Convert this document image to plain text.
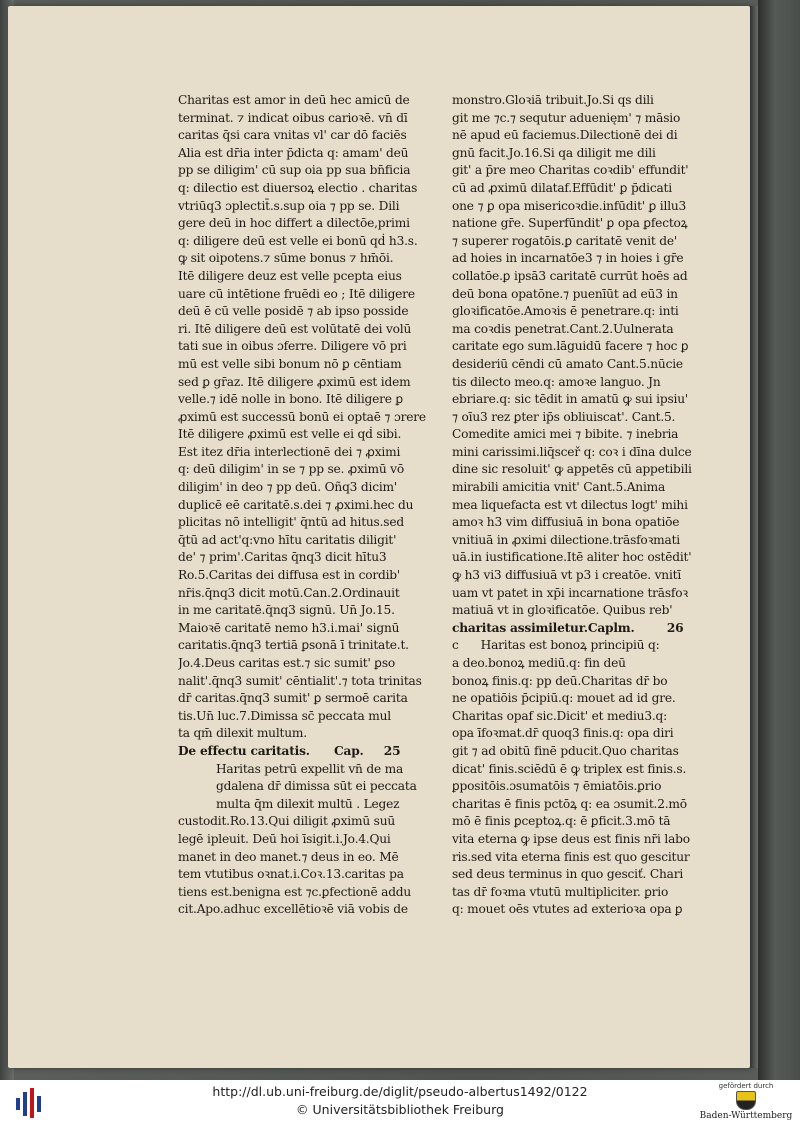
Charitas est amor in deū hec amicū de
terminat. ⁊ indicat oibus carioꝛē. vn̄ dī
caritas q̄si cara vnitas vl' car dō faciēs
Alia est dr̄ia inter p̄dicta q: amam' deū
pp se diligim' cū sup oia pp sua bn̄ficia
q: dilectio est diuersoꝝ electio . charitas
vtriūq3 ɔplectit̄.s.sup oia ⁊ pp se. Dili
gere deū in hoc differt a dilectōe,primi
q: diligere deū est velle ei bonū qḋ h3.s.
ꝙ sit oipotens.⁊ sūme bonus ⁊ hm̄ōi.
Itē diligere deuz est velle pcepta eius
uare cū intētione fruēdi eo ; Itē diligere
deū ē cū velle posidē ⁊ ab ipso posside
ri. Itē diligere deū est volūtatē dei volū
tati sue in oibus ɔferre. Diligere vō pri
mū est velle sibi bonum nō ꝑ cēntiam
sed ꝑ gr̄az. Itē diligere ꝓximū est idem
velle.⁊ idē nolle in bono. Itē diligere ꝑ
ꝓximū est successū bonū ei optaē ⁊ ɔrere
Itē diligere ꝓximū est velle ei qḋ sibi.
Est itez dr̄ia interlectionē dei ⁊ ꝓximi
q: deū diligim' in se ⁊ pp se. ꝓximū vō
diligim' in deo ⁊ pp deū. Oñq3 dicim'
duplicē eē caritatē.s.dei ⁊ ꝓximi.hec du
plicitas nō intelligit' q̄ntū ad hitus.sed
q̄tū ad act'q:vno hītu caritatis diligit'
de' ⁊ prim'.Caritas q̄nq3 dicit hītu3
Ro.5.Caritas dei diffusa est in cordib'
nr̄is.q̄nq3 dicit motū.Can.2.Ordinauit
in me caritatē.q̄nq3 signū. Un̄ Jo.15.
Maioꝛē caritatē nemo h3.i.mai' signū
caritatis.q̄nq3 tertiā ꝑsonā ī trinitate.t.
Jo.4.Deus caritas est.⁊ sic sumit' ꝑso
nalit'.q̄nq3 sumit' cēntialit'.⁊ tota trinitas
dr̄ caritas.q̄nq3 sumit' ꝑ sermoē carita
tis.Un̄ luc.7.Dimissa sc̄ peccata mul
ta qm̄ dilexit multum.
De effectu caritatis.      Cap.     25
Haritas petrū expellit vn̄ de ma
gdalena dr̄ dimissa sūt ei peccata
multa q̄m dilexit multū . Legez
custodit.Ro.13.Qui diligit ꝓximū suū
legē ipleuit. Deū hoi īsigit.i.Jo.4.Qui
manet in deo manet.⁊ deus in eo. Mē
tem vtutibus oꝛnat.i.Coꝛ.13.caritas pa
tiens est.benigna est ⁊c.ꝑfectionē addu
cit.Apo.adhuc excellētioꝛē viā vobis de
monstro.Gloꝛiā tribuit.Jo.Si qs dili
git me ⁊c.⁊ sequtur aduenięm' ⁊ māsio
nē apud eū faciemus.Dilectionē dei di
gnū facit.Jo.16.Si qa diligit me dili
git' a p̄re meo Charitas coꝛdib' effundit'
cū ad ꝓximū dilataf.Effūdit' ꝑ p̄dicati
one ⁊ ꝑ opa misericoꝛdie.infūdit' ꝑ illu3
natione gr̄e. Superfūndit' ꝑ opa ꝑfectoꝝ
⁊ superer rogatōis.ꝑ caritatē venit de'
ad hoies in incarnatōe3 ⁊ in hoies i gr̄e
collatōe.ꝑ ipsā3 caritatē currūt hoēs ad
deū bona opatōne.⁊ puenīūt ad eū3 in
gloꝛificatōe.Amoꝛis ē penetrare.q: inti
ma coꝛdis penetrat.Cant.2.Uulnerata
caritate ego sum.lāguidū facere ⁊ hoc ꝑ
desideriū cēndi cū amato Cant.5.nūcie
tis dilecto meo.q: amoꝛe languo. Jn
ebriare.q: sic tēdit in amatū ꝙ sui ipsiu'
⁊ oīu3 rez ꝑter ip̄s obliuiscat'. Cant.5.
Comedite amici mei ⁊ bibite. ⁊ inebria
mini carissimi.liq̄sceř q: coꝛ i dīna dulce
dine sic resoluit' ꝙ appetēs cū appetibili
mirabili amicitia vnit' Cant.5.Anima
mea liquefacta est vt dilectus logt' mihi
amoꝛ h3 vim diffusiuā in bona opatiōe
vnitiuā in ꝓximi dilectione.trāsfoꝛmati
uā.in iustificatione.Itē aliter hoc ostēdit'
ꝙ h3 vi3 diffusiuā vt p3 i creatōe. vnitī
uam vt patet in xp̄i incarnatione trāsfoꝛ
matiuā vt in gloꝛificatōe. Quibus reb'
charitas assimiletur.Caplm.        26
c      Haritas est bonoꝝ principiū q:
a deo.bonoꝝ mediū.q: fin deū
bonoꝝ finis.q: pp deū.Charitas dr̄ bo
ne opatiōis p̄cipiū.q: mouet ad id gre.
Charitas opaf sic.Dicit' et mediu3.q:
opa īfoꝛmat.dr̄ quoq3 finis.q: opa diri
git ⁊ ad obitū finē pducit.Quo charitas
dicat' finis.sciēdū ē ꝙ triplex est finis.s.
ꝑpositōis.ɔsumatōis ⁊ ēmiatōis.ꝑrio
charitas ē finis pctōꝝ q: ea ɔsumit.2.mō
mō ē finis ꝑceptoꝝ.q: ē ꝑficit.3.mō tā
vita eterna ꝙ ipse deus est finis nr̄i labo
ris.sed vita eterna finis est quo gescitur
sed deus terminus in quo gesciť. Chari
tas dr̄ foꝛma vtutū multipliciter. ꝑrio
q: mouet oēs vtutes ad exterioꝛa opa ꝑ
http://dl.ub.uni-freiburg.de/diglit/pseudo-albertus1492/0122
© Universitätsbibliothek Freiburg
gefördert durch
Baden-Württemberg
